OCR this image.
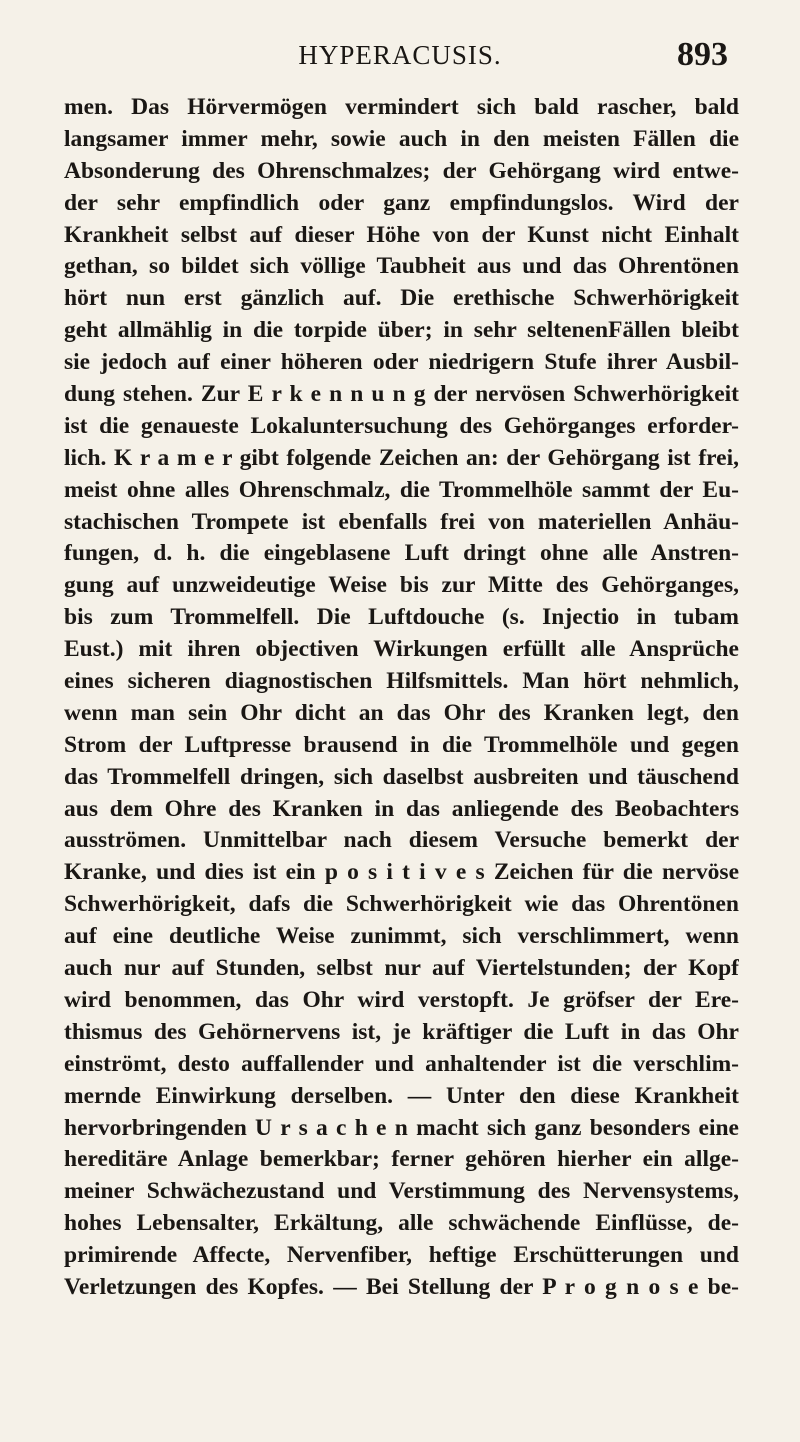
HYPERACUSIS.	893
men. Das Hörvermögen vermindert sich bald rascher, bald
langsamer immer mehr, sowie auch in den meisten Fällen die
Absonderung des Ohrenschmalzes; der Gehörgang wird entwe-
der sehr empfindlich oder ganz empfindungslos. Wird der
Krankheit selbst auf dieser Höhe von der Kunst nicht Einhalt
gethan, so bildet sich völlige Taubheit aus und das Ohrentönen
hört nun erst gänzlich auf. Die erethische Schwerhörigkeit
geht allmählig in die torpide über; in sehr seltenenFällen bleibt
sie jedoch auf einer höheren oder niedrigern Stufe ihrer Ausbil-
dung stehen. Zur E r k e n n u n g der nervösen Schwerhörigkeit
ist die genaueste Lokaluntersuchung des Gehörganges erforder-
lich. K r a m e r gibt folgende Zeichen an: der Gehörgang ist frei,
meist ohne alles Ohrenschmalz, die Trommelhöle sammt der Eu-
stachischen Trompete ist ebenfalls frei von materiellen Anhäu-
fungen, d. h. die eingeblasene Luft dringt ohne alle Anstren-
gung auf unzweideutige Weise bis zur Mitte des Gehörganges,
bis zum Trommelfell. Die Luftdouche (s. Injectio in tubam
Eust.) mit ihren objectiven Wirkungen erfüllt alle Ansprüche
eines sicheren diagnostischen Hilfsmittels. Man hört nehmlich,
wenn man sein Ohr dicht an das Ohr des Kranken legt, den
Strom der Luftpresse brausend in die Trommelhöle und gegen
das Trommelfell dringen, sich daselbst ausbreiten und täuschend
aus dem Ohre des Kranken in das anliegende des Beobachters
ausströmen. Unmittelbar nach diesem Versuche bemerkt der
Kranke, und dies ist ein p o s i t i v e s Zeichen für die nervöse
Schwerhörigkeit, dafs die Schwerhörigkeit wie das Ohrentönen
auf eine deutliche Weise zunimmt, sich verschlimmert, wenn
auch nur auf Stunden, selbst nur auf Viertelstunden; der Kopf
wird benommen, das Ohr wird verstopft. Je gröfser der Ere-
thismus des Gehörnervens ist, je kräftiger die Luft in das Ohr
einströmt, desto auffallender und anhaltender ist die verschlim-
mernde Einwirkung derselben. — Unter den diese Krankheit
hervorbringenden U r s a c h e n macht sich ganz besonders eine
hereditäre Anlage bemerkbar; ferner gehören hierher ein allge-
meiner Schwächezustand und Verstimmung des Nervensystems,
hohes Lebensalter, Erkältung, alle schwächende Einflüsse, de-
primirende Affecte, Nervenfiber, heftige Erschütterungen und
Verletzungen des Kopfes. — Bei Stellung der P r o g n o s e be-
